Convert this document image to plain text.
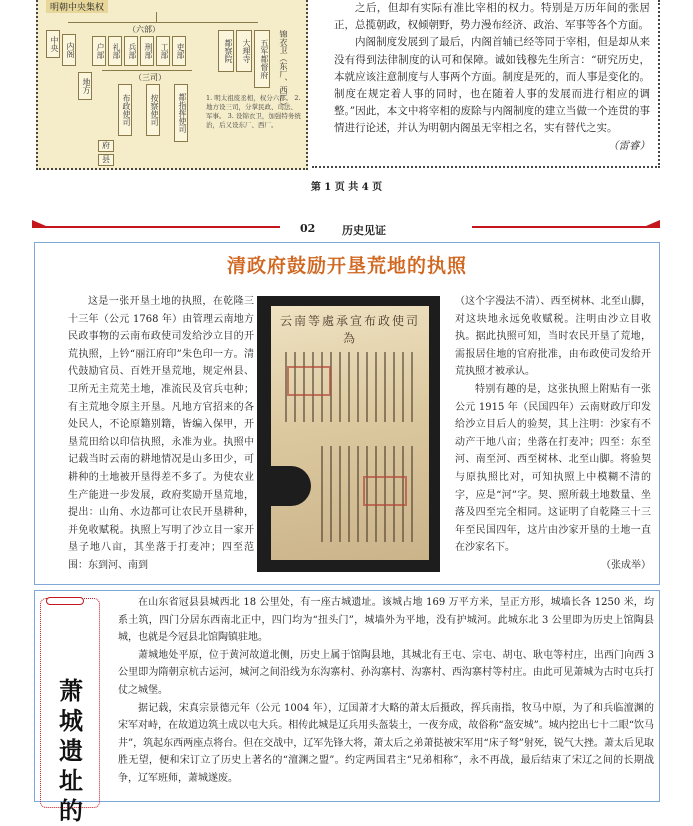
明朝中央集权
（六部）
中央 内阁	户部 礼部 兵部 刑部 工部 吏部	都察院	大理寺	五军都督府 锦衣卫（东厂、西厂）
（三司）
地方
布政使司	按察使司	都指挥使司
府
县
1. 明太祖废丞相，权分六部。 2. 地方设三司，分掌民政、司法、军事。 3. 设锦衣卫，加强特务统治，后又设东厂、西厂。

之后，但却有实际有准比宰相的权力。特别是万历年间的张居正，总揽朝政，权倾朝野，势力漫布经济、政治、军事等各个方面。

内阁制度发展到了最后，内阁首辅已经等同于宰相，但是却从来没有得到法律制度的认可和保障。诚如钱穆先生所言：“研究历史，本就应该注意制度与人事两个方面。制度是死的，而人事是变化的。制度在规定着人事的同时，也在随着人事的发展而进行相应的调整。”因此，本文中将宰相的废除与内阁制度的建立当做一个连贯的事情进行论述，并认为明朝内阁虽无宰相之名，实有替代之实。

（雷睿）
第 1 页 共 4 页
02 历史见证
清政府鼓励开垦荒地的执照

这是一张开垦土地的执照，在乾隆三十三年（公元 1768 年）由管理云南地方民政事物的云南布政使司发给沙立目的开荒执照，上钤“丽江府印”朱色印一方。清代鼓励官员、百姓开垦荒地，规定州县、卫所无主荒芜土地，准流民及官兵屯种；有主荒地令原主开垦。凡地方官招来的各处民人，不论原籍别籍，皆编入保甲，开垦荒田给以印信执照，永准为业。执照中记载当时云南的耕地情况是山多田少，可耕种的土地被开垦得差不多了。为使农业生产能进一步发展，政府奖励开垦荒地，提出：山角、水边都可让农民开垦耕种，并免收赋税。执照上写明了沙立目一家开垦子地八亩，其坐落于打麦冲；四至范围：东到河、南到

云南等處承宣布政使司為

（这个字漫法不清）、西至树林、北至山脚，对这块地永远免收赋税。注明由沙立目收执。据此执照可知，当时农民开垦了荒地，需报居住地的官府批准，由布政使司发给开荒执照才被承认。

特别有趣的是，这张执照上附贴有一张公元 1915 年（民国四年）云南财政厅印发给沙立目后人的验契，其上注明：沙家有不动产干地八亩；坐落在打麦冲；四至：东至河、南至河、西至树林、北至山脚。将验契与原执照比对，可知执照上中模糊不清的字，应是“河”字。契、照所载土地数量、坐落及四至完全相同。这证明了自乾隆三十三年至民国四年，这片由沙家开垦的土地一直在沙家名下。

（张成举）
萧
城
遗
址
的

在山东省冠县县城西北 18 公里处，有一座古城遗址。该城占地 169 万平方米，呈正方形，城墙长各 1250 米，均系土筑，四门分居东西南北正中，四门均为“扭头门”，城墙外为平地，没有护城河。此城东北 3 公里即为历史上馆陶县城，也就是今冠县北馆陶镇驻地。

萧城地处平原，位于黄河故道北侧，历史上属于馆陶县地，其城北有王屯、宗屯、胡屯、耿屯等村庄，出西门向西 3 公里即为隋朝京杭古运河，城河之间沿线为东沟寨村、孙沟寨村、沟寨村、西沟寨村等村庄。由此可见萧城为古时屯兵打仗之城堡。

据记载，宋真宗景德元年（公元 1004 年），辽国萧才大略的萧太后摄政，挥兵南指，牧马中原，为了和兵临澶渊的宋军对峙，在故道边筑土成以屯大兵。相传此城是辽兵用头盔装土，一夜夯成，故俗称“盔安城”。城内挖出七十二眼“饮马井”，筑起东西两座点将台。但在交战中，辽军先锋大将，萧太后之弟萧挞被宋军用“床子弩”射死，锐气大挫。萧太后见取胜无望，便和宋订立了历史上著名的“澶渊之盟”。约定两国君主“兄弟相称”，永不再战，最后结束了宋辽之间的长期战争，辽军班师，萧城遂废。
